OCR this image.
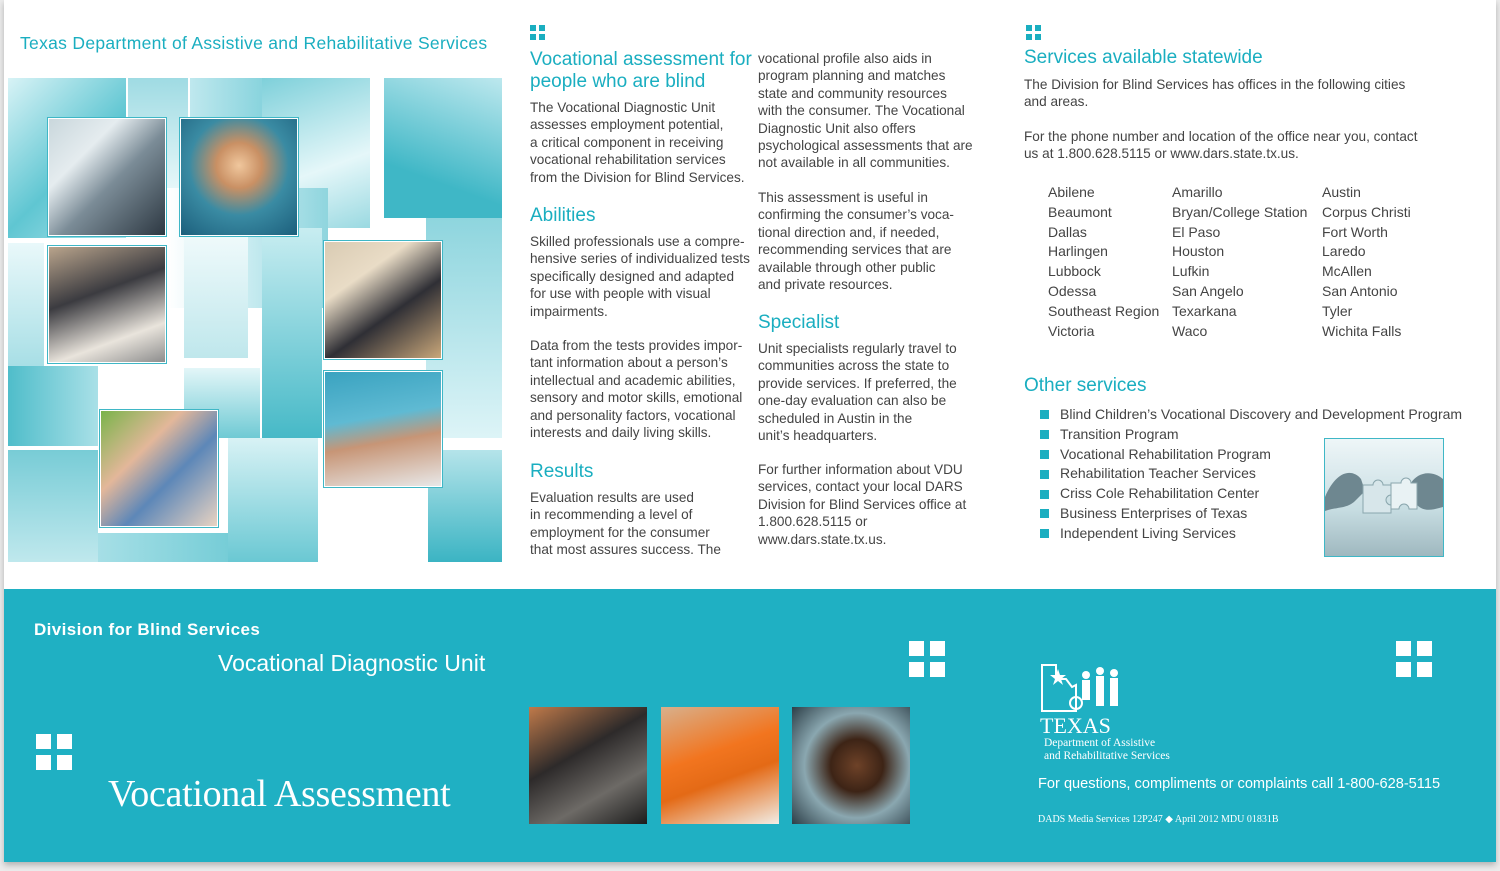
Texas Department of Assistive and Rehabilitative Services
Vocational assessment for
people who are blind
The Vocational Diagnostic Unit
assesses employment potential,
a critical component in receiving
vocational rehabilitation services
from the Division for Blind Services.
Abilities
Skilled professionals use a compre-
hensive series of individualized tests
specifically designed and adapted
for use with people with visual
impairments.
Data from the tests provides impor-
tant information about a person’s
intellectual and academic abilities,
sensory and motor skills, emotional
and personality factors, vocational
interests and daily living skills.
Results
Evaluation results are used
in recommending a level of
employment for the consumer
that most assures success. The
vocational profile also aids in
program planning and matches
state and community resources
with the consumer. The Vocational
Diagnostic Unit also offers
psychological assessments that are
not available in all communities.
This assessment is useful in
confirming the consumer’s voca-
tional direction and, if needed,
recommending services that are
available through other public
and private resources.
Specialist
Unit specialists regularly travel to
communities across the state to
provide services. If preferred, the
one-day evaluation can also be
scheduled in Austin in the
unit’s headquarters.
For further information about VDU
services, contact your local DARS
Division for Blind Services office at
1.800.628.5115 or
www.dars.state.tx.us.
Services available statewide
The Division for Blind Services has offices in the following cities
and areas.
For the phone number and location of the office near you, contact
us at 1.800.628.5115 or www.dars.state.tx.us.
Abilene
Beaumont
Dallas
Harlingen
Lubbock
Odessa
Southeast Region
Victoria
Amarillo
Bryan/College Station
El Paso
Houston
Lufkin
San Angelo
Texarkana
Waco
Austin
Corpus Christi
Fort Worth
Laredo
McAllen
San Antonio
Tyler
Wichita Falls
Other services
Blind Children’s Vocational Discovery and Development Program
Transition Program
Vocational Rehabilitation Program
Rehabilitation Teacher Services
Criss Cole Rehabilitation Center
Business Enterprises of Texas
Independent Living Services
Division for Blind Services
Vocational Diagnostic Unit
Vocational Assessment
TEXAS
Department of Assistive
and Rehabilitative Services
For questions, compliments or complaints call 1-800-628-5115
DADS Media Services 12P247 ◆ April 2012 MDU 01831B
